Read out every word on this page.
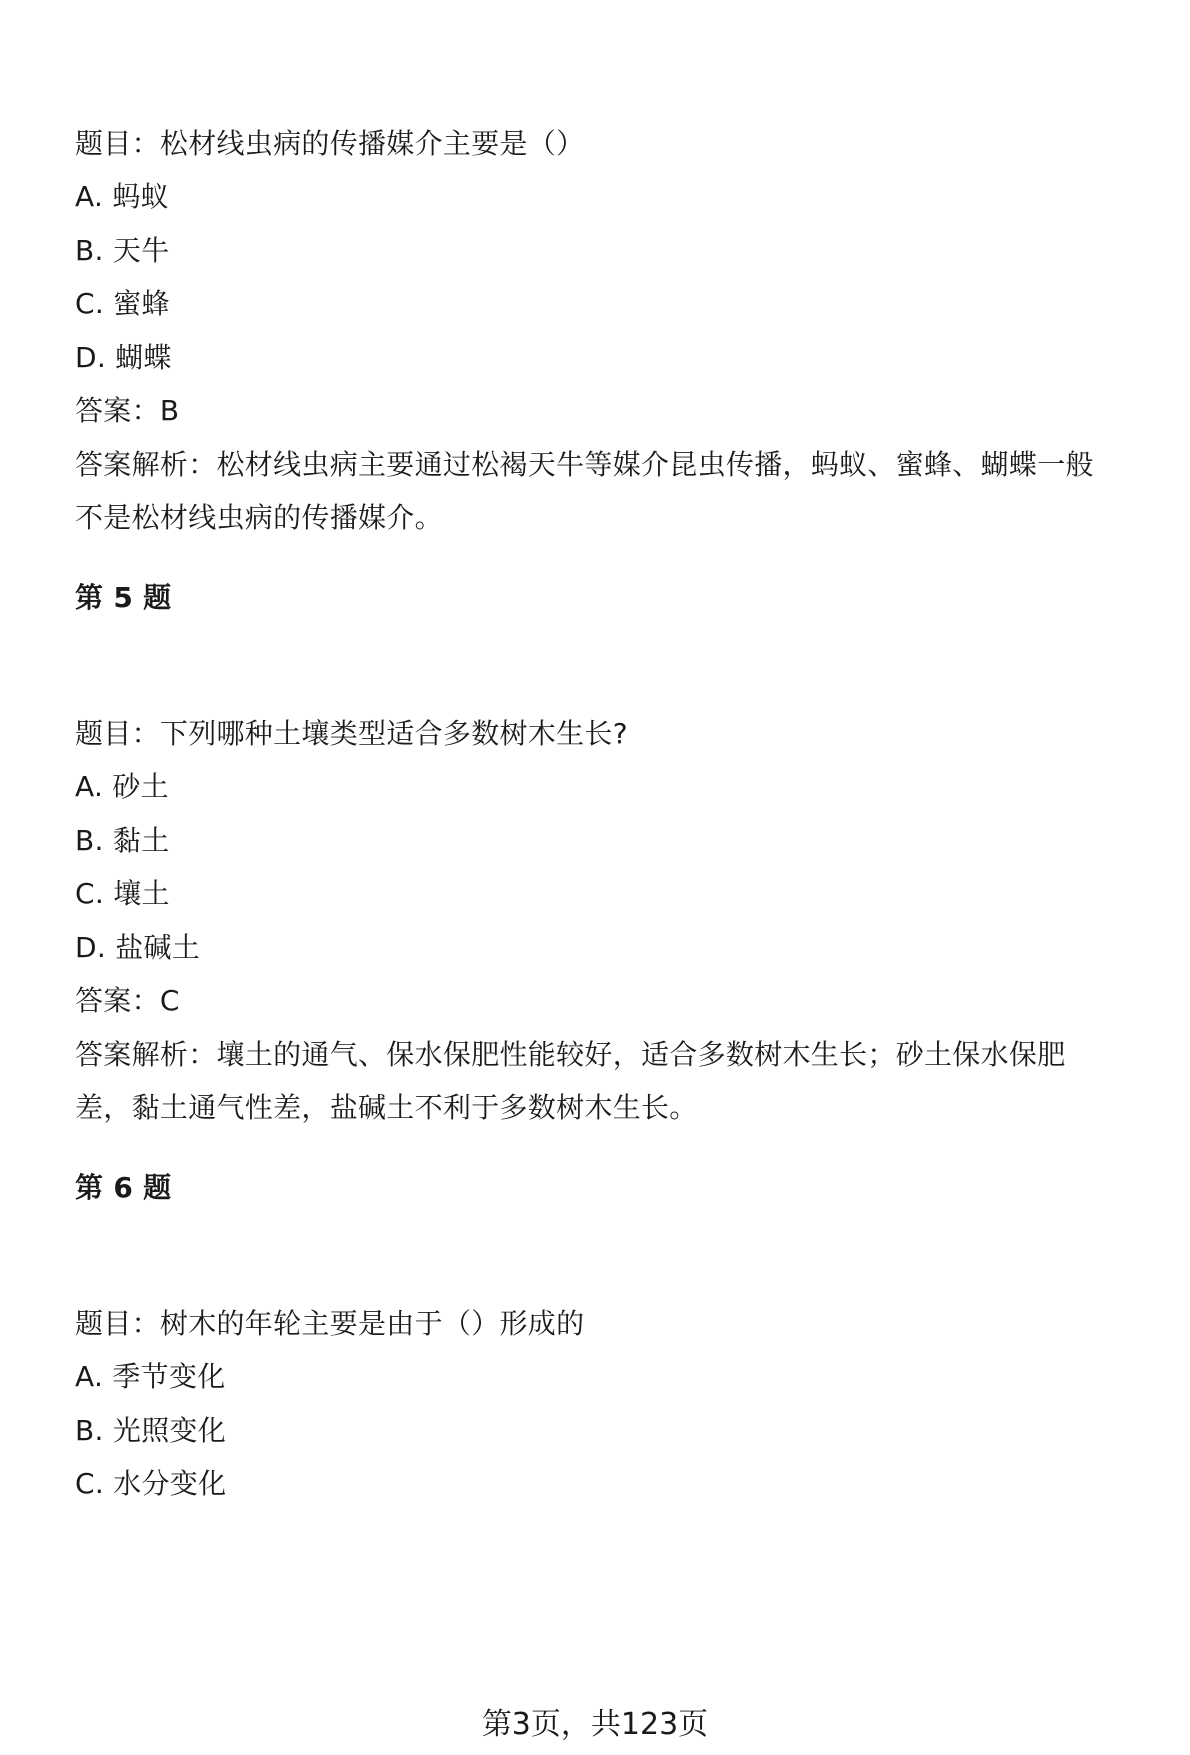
题目：松材线虫病的传播媒介主要是（）
A. 蚂蚁
B. 天牛
C. 蜜蜂
D. 蝴蝶
答案：B
答案解析：松材线虫病主要通过松褐天牛等媒介昆虫传播，蚂蚁、蜜蜂、蝴蝶一般
不是松材线虫病的传播媒介。
第 5 题
题目：下列哪种土壤类型适合多数树木生长?
A. 砂土
B. 黏土
C. 壤土
D. 盐碱土
答案：C
答案解析：壤土的通气、保水保肥性能较好，适合多数树木生长；砂土保水保肥
差，黏土通气性差，盐碱土不利于多数树木生长。
第 6 题
题目：树木的年轮主要是由于（）形成的
A. 季节变化
B. 光照变化
C. 水分变化
第3页，共123页
